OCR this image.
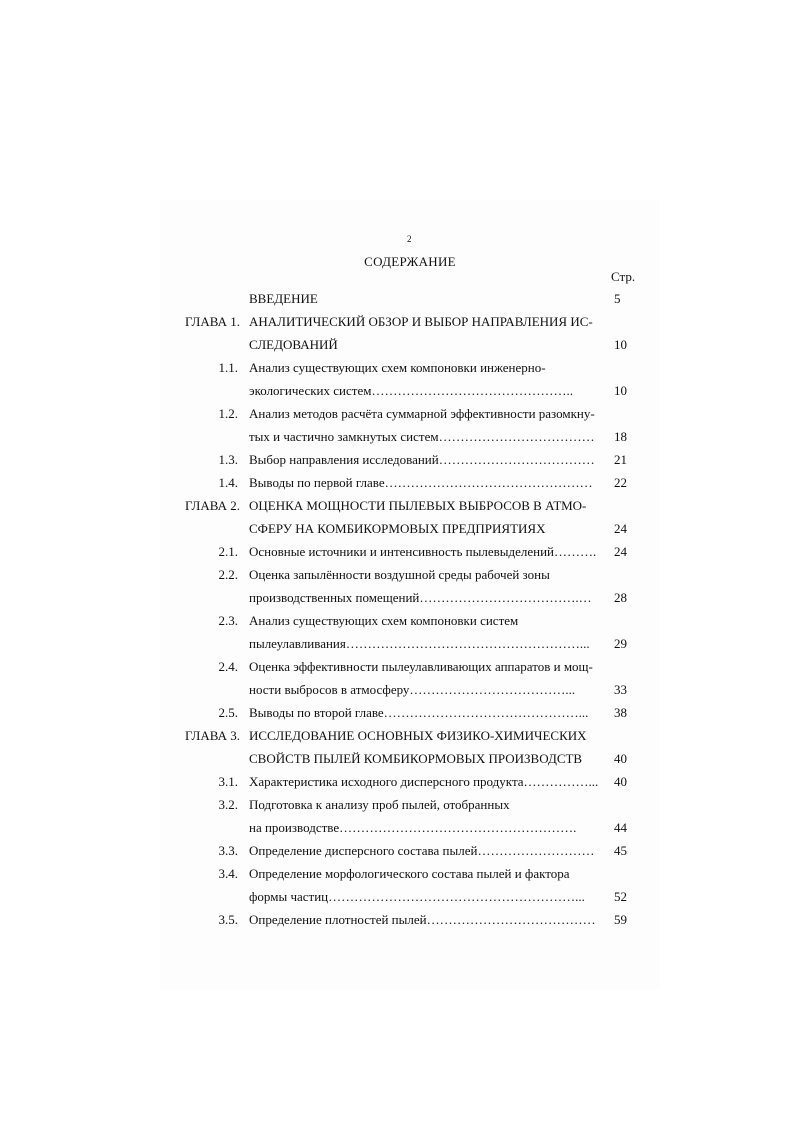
2
СОДЕРЖАНИЕ
Стр.
ВВЕДЕНИЕ	5
ГЛАВА 1. АНАЛИТИЧЕСКИЙ ОБЗОР И ВЫБОР НАПРАВЛЕНИЯ ИС-
СЛЕДОВАНИЙ	10
1.1. Анализ существующих схем компоновки инженерно-
экологических систем………………………………………..	10
1.2. Анализ методов расчёта суммарной эффективности разомкну-
тых и частично замкнутых систем……………………………… 18
1.3. Выбор направления исследований……………………………… 21
1.4. Выводы по первой главе………………………………………… 22
ГЛАВА 2. ОЦЕНКА МОЩНОСТИ ПЫЛЕВЫХ ВЫБРОСОВ В АТМО-
СФЕРУ НА КОМБИКОРМОВЫХ ПРЕДПРИЯТИЯХ	24
2.1. Основные источники и интенсивность пылевыделений………. 24
2.2. Оценка запылённости воздушной среды рабочей зоны
производственных помещений……………………………….… 28
2.3. Анализ существующих схем компоновки систем
пылеулавливания………………………………………………... 29
2.4. Оценка эффективности пылеулавливающих аппаратов и мощ-
ности выбросов в атмосферу………………………………...	33
2.5. Выводы по второй главе………………………………………... 38
ГЛАВА 3. ИССЛЕДОВАНИЕ ОСНОВНЫХ ФИЗИКО-ХИМИЧЕСКИХ
СВОЙСТВ ПЫЛЕЙ КОМБИКОРМОВЫХ ПРОИЗВОДСТВ 40
3.1. Характеристика исходного дисперсного продукта……………... 40
3.2. Подготовка к анализу проб пылей, отобранных
на производстве……………………………………………….	44
3.3. Определение дисперсного состава пылей……………………… 45
3.4. Определение морфологического состава пылей и фактора
формы частиц…………………………………………………... 52
3.5. Определение плотностей пылей………………………………… 59
